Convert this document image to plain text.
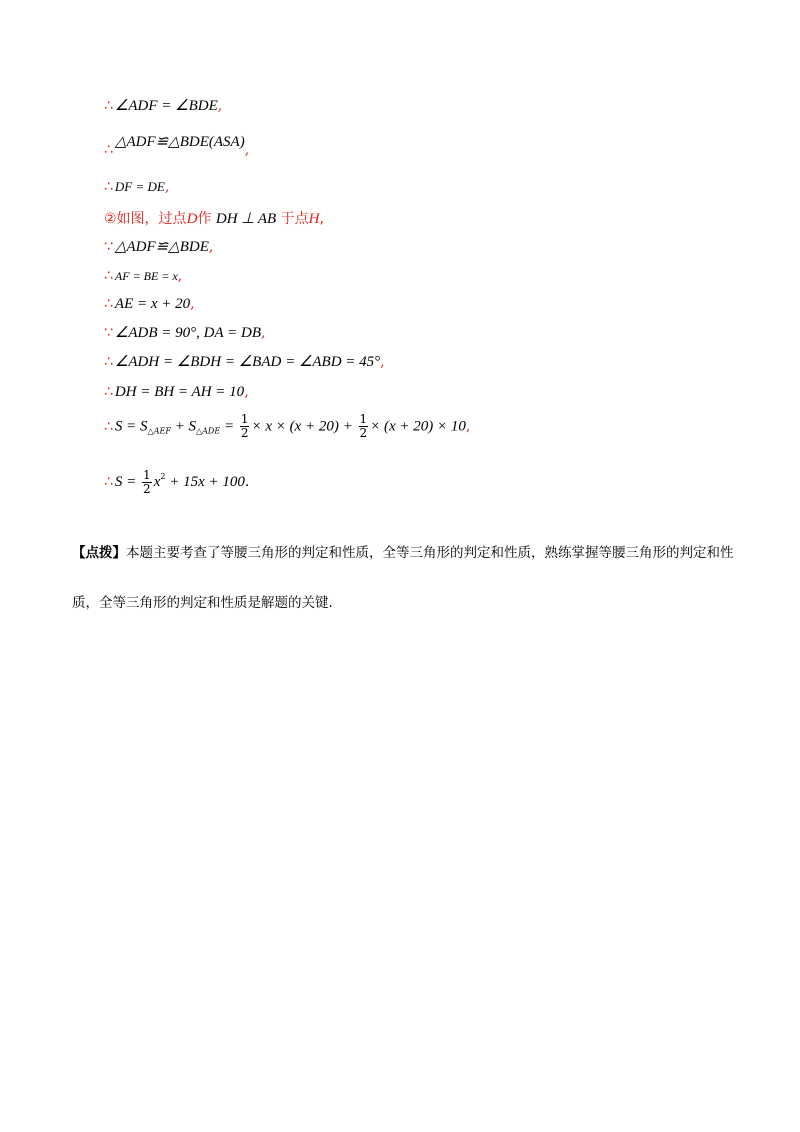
∴ ∠ADF = ∠BDE,
∴ △ADF≌△BDE(ASA),
∴ DF = DE,
②如图，过点D作 DH ⊥ AB 于点H,
∵ △ADF≌△BDE,
∴ AF = BE = x,
∴ AE = x + 20,
∵ ∠ADB = 90°, DA = DB,
∴ ∠ADH = ∠BDH = ∠BAD = ∠ABD = 45°,
∴ DH = BH = AH = 10,
∴ $S = S_{\triangle AEF} + S_{\triangle ADE} = \frac{1}{2} \times x \times (x + 20) + \frac{1}{2} \times (x + 20) \times 10$,
∴ $S = \frac{1}{2} x^2 + 15x + 100$.
【点拨】本题主要考查了等腰三角形的判定和性质，全等三角形的判定和性质，熟练掌握等腰三角形的判定和性质，全等三角形的判定和性质是解题的关键.
